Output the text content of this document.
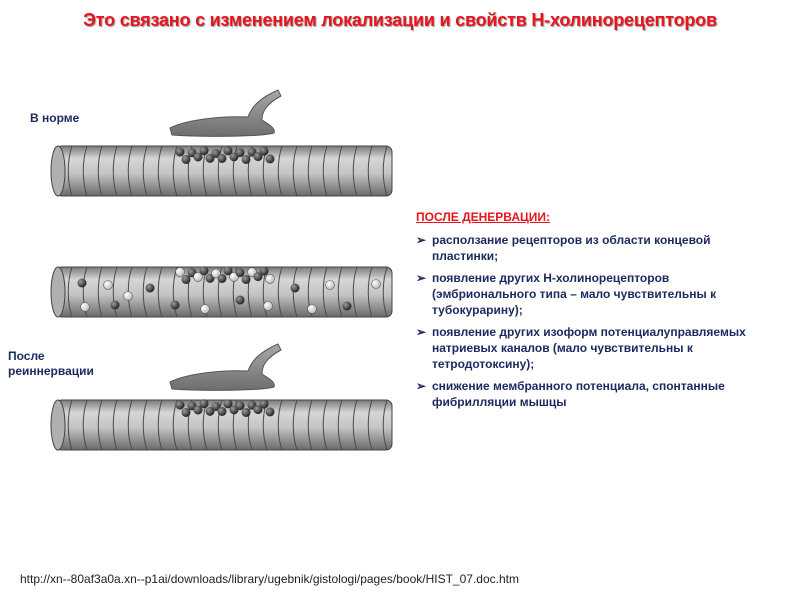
Это связано с изменением локализации и свойств Н-холинорецепторов
В норме
После
реиннервации
ПОСЛЕ ДЕНЕРВАЦИИ:
➢ расползание рецепторов из области концевой пластинки;
➢ появление других Н-холинорецепторов (эмбрионального типа – мало чувствительны к тубокурарину);
➢ появление других изоформ потенциалуправляемых натриевых каналов (мало чувствительны к тетродотоксину);
➢ снижение мембранного потенциала, спонтанные фибрилляции мышцы
http://xn--80af3a0a.xn--p1ai/downloads/library/ugebnik/gistologi/pages/book/HIST_07.doc.htm
